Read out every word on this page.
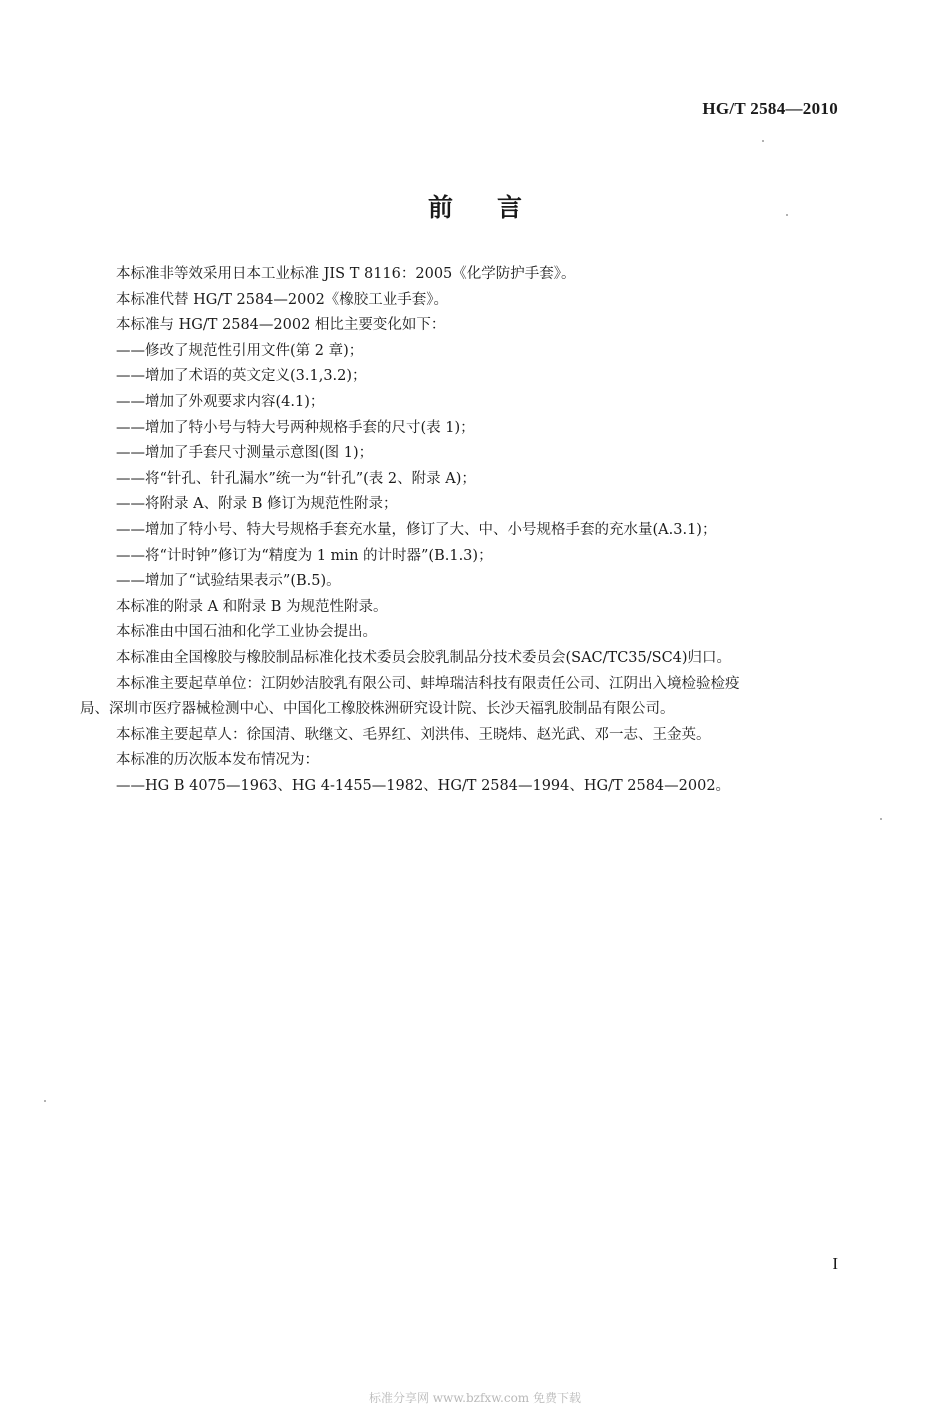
HG/T 2584—2010
前言

本标准非等效采用日本工业标准 JIS T 8116：2005《化学防护手套》。

本标准代替 HG/T 2584—2002《橡胶工业手套》。

本标准与 HG/T 2584—2002 相比主要变化如下：

——修改了规范性引用文件(第 2 章)；

——增加了术语的英文定义(3.1,3.2)；

——增加了外观要求内容(4.1)；

——增加了特小号与特大号两种规格手套的尺寸(表 1)；

——增加了手套尺寸测量示意图(图 1)；

——将“针孔、针孔漏水”统一为“针孔”(表 2、附录 A)；

——将附录 A、附录 B 修订为规范性附录；

——增加了特小号、特大号规格手套充水量，修订了大、中、小号规格手套的充水量(A.3.1)；

——将“计时钟”修订为“精度为 1 min 的计时器”(B.1.3)；

——增加了“试验结果表示”(B.5)。

本标准的附录 A 和附录 B 为规范性附录。

本标准由中国石油和化学工业协会提出。

本标准由全国橡胶与橡胶制品标准化技术委员会胶乳制品分技术委员会(SAC/TC35/SC4)归口。

本标准主要起草单位：江阴妙洁胶乳有限公司、蚌埠瑞洁科技有限责任公司、江阴出入境检验检疫
局、深圳市医疗器械检测中心、中国化工橡胶株洲研究设计院、长沙天福乳胶制品有限公司。

本标准主要起草人：徐国清、耿继文、毛界红、刘洪伟、王晓炜、赵光武、邓一志、王金英。

本标准的历次版本发布情况为：

——HG B 4075—1963、HG 4-1455—1982、HG/T 2584—1994、HG/T 2584—2002。

I
标准分享网 www.bzfxw.com 免费下载
